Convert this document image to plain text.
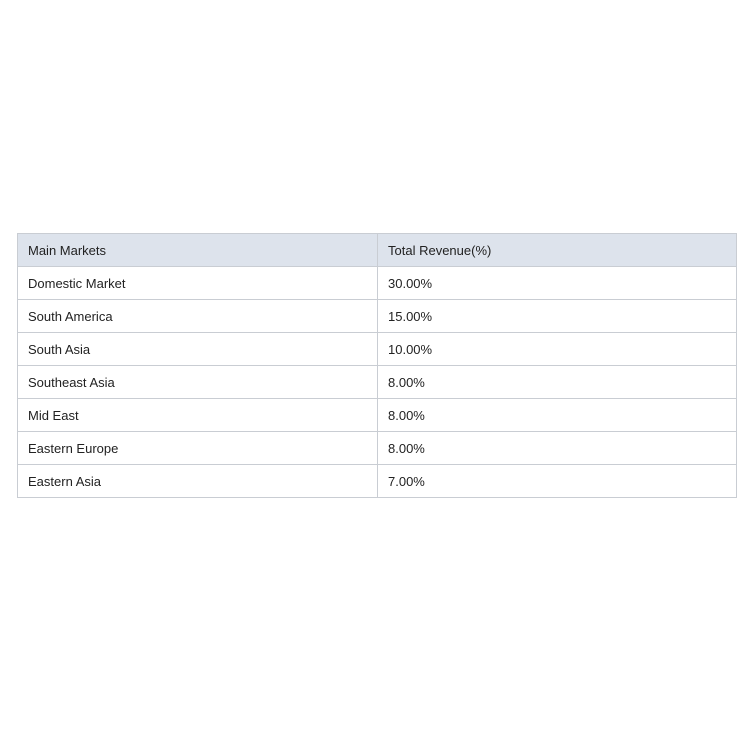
Main Markets	Total Revenue(%)
Domestic Market	30.00%
South America	15.00%
South Asia	10.00%
Southeast Asia	8.00%
Mid East	8.00%
Eastern Europe	8.00%
Eastern Asia	7.00%
